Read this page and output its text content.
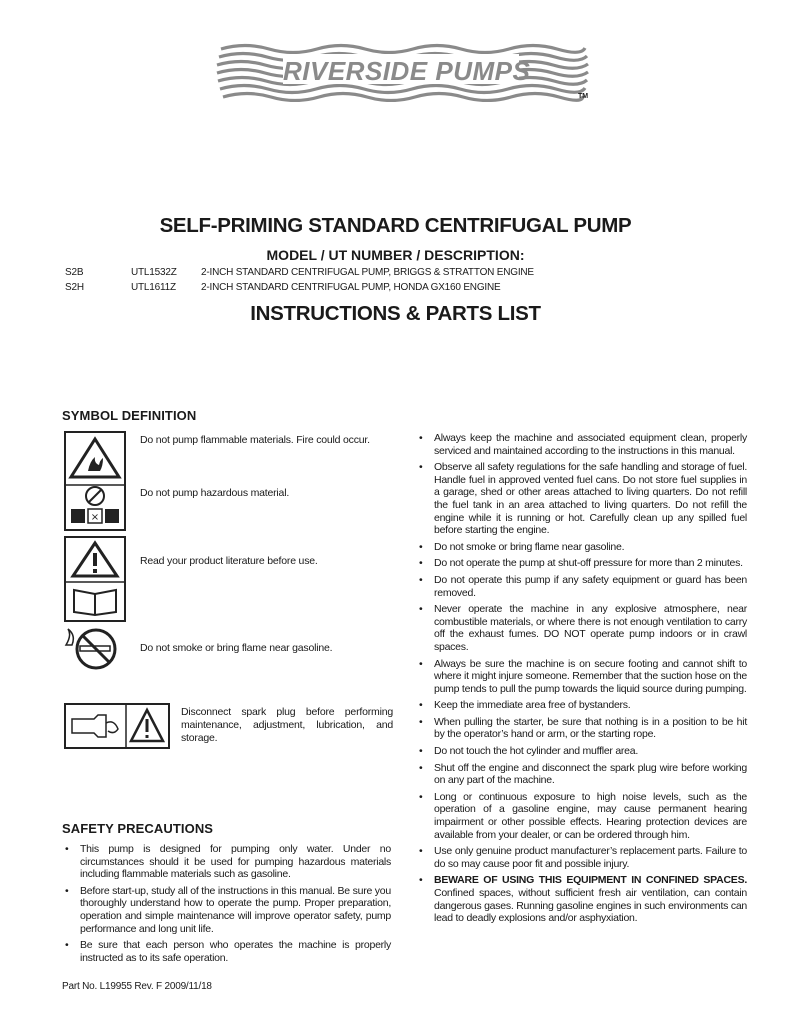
RIVERSIDE PUMPS
TM
SELF-PRIMING STANDARD CENTRIFUGAL PUMP
MODEL / UT NUMBER / DESCRIPTION:
S2B	UTL1532Z 2-INCH STANDARD CENTRIFUGAL PUMP, BRIGGS & STRATTON ENGINE
S2H	UTL1611Z	2-INCH STANDARD CENTRIFUGAL PUMP, HONDA GX160 ENGINE
INSTRUCTIONS & PARTS LIST
SYMBOL DEFINITION
×
Do not pump flammable materials. Fire could occur.
Do not pump hazardous material.
Read your product literature before use.
Do not smoke or bring flame near gasoline.
Disconnect spark plug before performing maintenance, adjustment, lubrication, and storage.
SAFETY PRECAUTIONS
• This pump is designed for pumping only water. Under no circumstances should it be used for pumping hazardous materials including flammable materials such as gasoline.
• Before start-up, study all of the instructions in this manual. Be sure you thoroughly understand how to operate the pump. Proper preparation, operation and simple maintenance will improve operator safety, pump performance and long unit life.
• Be sure that each person who operates the machine is properly instructed as to its safe operation.
• Always keep the machine and associated equipment clean, properly serviced and maintained according to the instructions in this manual.
• Observe all safety regulations for the safe handling and storage of fuel. Handle fuel in approved vented fuel cans. Do not store fuel supplies in a garage, shed or other areas attached to living quarters. Do not refill the fuel tank in an area attached to living quarters. Do not refill the engine while it is running or hot. Carefully clean up any spilled fuel before starting the engine.
• Do not smoke or bring flame near gasoline.
• Do not operate the pump at shut-off pressure for more than 2 minutes.
• Do not operate this pump if any safety equipment or guard has been removed.
• Never operate the machine in any explosive atmosphere, near combustible materials, or where there is not enough ventilation to carry off the exhaust fumes. DO NOT operate pump indoors or in crawl spaces.
• Always be sure the machine is on secure footing and cannot shift to where it might injure someone. Remember that the suction hose on the pump tends to pull the pump towards the liquid source during pumping.
• Keep the immediate area free of bystanders.
• When pulling the starter, be sure that nothing is in a position to be hit by the operator’s hand or arm, or the starting rope.
• Do not touch the hot cylinder and muffler area.
• Shut off the engine and disconnect the spark plug wire before working on any part of the machine.
• Long or continuous exposure to high noise levels, such as the operation of a gasoline engine, may cause permanent hearing impairment or other possible effects. Hearing protection devices are available from your dealer, or can be ordered through him.
• Use only genuine product manufacturer’s replacement parts. Failure to do so may cause poor fit and possible injury.
• BEWARE OF USING THIS EQUIPMENT IN CONFINED SPACES. Confined spaces, without sufficient fresh air ventilation, can contain dangerous gases. Running gasoline engines in such environments can lead to deadly explosions and/or asphyxiation.
Part No. L19955 Rev. F 2009/11/18
